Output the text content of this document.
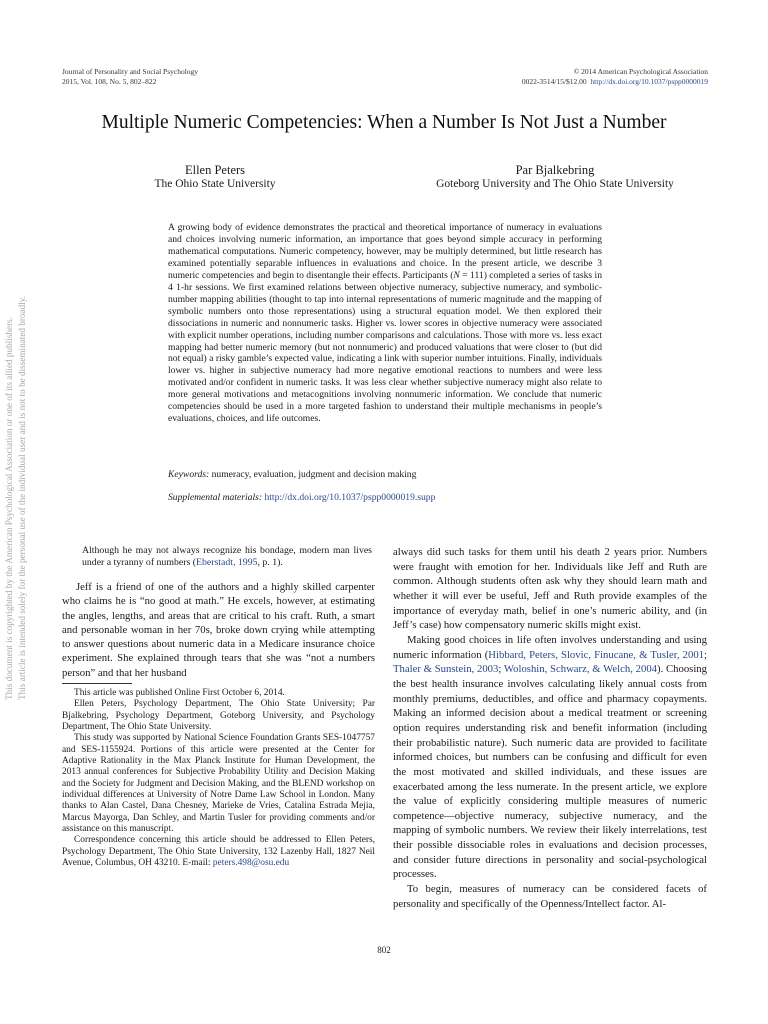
Journal of Personality and Social Psychology
2015, Vol. 108, No. 5, 802–822
© 2014 American Psychological Association
0022-3514/15/$12.00 http://dx.doi.org/10.1037/pspp0000019
Multiple Numeric Competencies: When a Number Is Not Just a Number
Ellen Peters
The Ohio State University
Par Bjalkebring
Goteborg University and The Ohio State University
A growing body of evidence demonstrates the practical and theoretical importance of numeracy in evaluations and choices involving numeric information, an importance that goes beyond simple accuracy in performing mathematical computations. Numeric competency, however, may be multiply determined, but little research has examined potentially separable influences in evaluations and choice. In the present article, we describe 3 numeric competencies and begin to disentangle their effects. Participants (N = 111) completed a series of tasks in 4 1-hr sessions. We first examined relations between objective numeracy, subjective numeracy, and symbolic-number mapping abilities (thought to tap into internal representations of numeric magnitude and the mapping of symbolic numbers onto those representations) using a structural equation model. We then explored their dissociations in numeric and nonnumeric tasks. Higher vs. lower scores in objective numeracy were associated with explicit number operations, including number comparisons and calculations. Those with more vs. less exact mapping had better numeric memory (but not nonnumeric) and produced valuations that were closer to (but did not equal) a risky gamble’s expected value, indicating a link with superior number intuitions. Finally, individuals lower vs. higher in subjective numeracy had more negative emotional reactions to numbers and were less motivated and/or confident in numeric tasks. It was less clear whether subjective numeracy might also relate to more general motivations and metacognitions involving nonnumeric information. We conclude that numeric competencies should be used in a more targeted fashion to understand their multiple mechanisms in people’s evaluations, choices, and life outcomes.
Keywords: numeracy, evaluation, judgment and decision making
Supplemental materials: http://dx.doi.org/10.1037/pspp0000019.supp
Although he may not always recognize his bondage, modern man lives under a tyranny of numbers (Eberstadt, 1995, p. 1).

Jeff is a friend of one of the authors and a highly skilled carpenter who claims he is “no good at math.” He excels, however, at estimating the angles, lengths, and areas that are critical to his craft. Ruth, a smart and personable woman in her 70s, broke down crying while attempting to answer questions about numeric data in a Medicare insurance choice experiment. She explained through tears that she was “not a numbers person” and that her husband

This article was published Online First October 6, 2014.

Ellen Peters, Psychology Department, The Ohio State University; Par Bjalkebring, Psychology Department, Goteborg University, and Psychology Department, The Ohio State University.

This study was supported by National Science Foundation Grants SES-1047757 and SES-1155924. Portions of this article were presented at the Center for Adaptive Rationality in the Max Planck Institute for Human Development, the 2013 annual conferences for Subjective Probability Utility and Decision Making and the Society for Judgment and Decision Making, and the BLEND workshop on individual differences at University of Notre Dame Law School in London. Many thanks to Alan Castel, Dana Chesney, Marieke de Vries, Catalina Estrada Mejia, Marcus Mayorga, Dan Schley, and Martin Tusler for providing comments and/or assistance on this manuscript.

Correspondence concerning this article should be addressed to Ellen Peters, Psychology Department, The Ohio State University, 132 Lazenby Hall, 1827 Neil Avenue, Columbus, OH 43210. E-mail: peters.498@osu.edu

always did such tasks for them until his death 2 years prior. Numbers were fraught with emotion for her. Individuals like Jeff and Ruth are common. Although students often ask why they should learn math and whether it will ever be useful, Jeff and Ruth provide examples of the importance of everyday math, belief in one’s numeric ability, and (in Jeff’s case) how compensatory numeric skills might exist.

Making good choices in life often involves understanding and using numeric information (Hibbard, Peters, Slovic, Finucane, & Tusler, 2001; Thaler & Sunstein, 2003; Woloshin, Schwarz, & Welch, 2004). Choosing the best health insurance involves calculating likely annual costs from monthly premiums, deductibles, and office and pharmacy copayments. Making an informed decision about a medical treatment or screening option requires understanding risk and benefit information (including their probabilistic nature). Such numeric data are provided to facilitate informed choices, but numbers can be confusing and difficult for even the most motivated and skilled individuals, and these issues are exacerbated among the less numerate. In the present article, we explore the value of explicitly considering multiple measures of numeric competence—objective numeracy, subjective numeracy, and the mapping of symbolic numbers. We review their likely interrelations, test their possible dissociable roles in evaluations and decision processes, and consider future directions in personality and social-psychological processes.

To begin, measures of numeracy can be considered facets of personality and specifically of the Openness/Intellect factor. Al-

802
This document is copyrighted by the American Psychological Association or one of its allied publishers. This article is intended solely for the personal use of the individual user and is not to be disseminated broadly.
